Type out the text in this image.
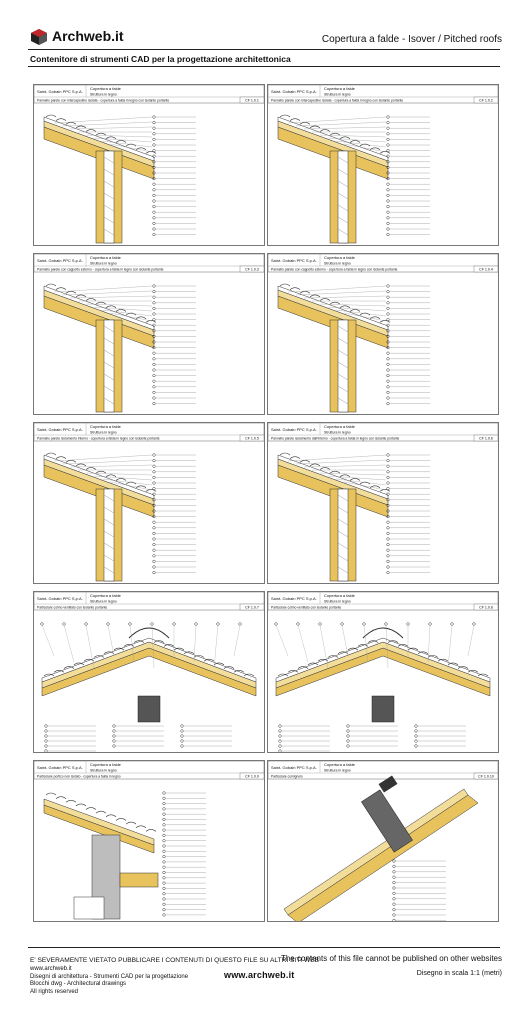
Archweb.it	Copertura a falde - Isover / Pitched roofs
Contenitore di strumenti CAD per la progettazione architettonica
Saint- Gobain PPC S.p.A.
Copertura a falde
Struttura in legno
Pannello parete con intercapedine isolata - copertura a falda in legno con isolante portante	CF 1.0.1
Saint- Gobain PPC S.p.A.
Copertura a falde
Struttura in legno
Pannello parete con intercapedine isolata - copertura a falda in legno con isolante portante	CF 1.0.2
Saint- Gobain PPC S.p.A.
Copertura a falde
Struttura in legno
Pannello parete con cappotto esterno - copertura a falda in legno con isolante portante	CF 1.0.3
Saint- Gobain PPC S.p.A.
Copertura a falde
Struttura in legno
Pannello parete con cappotto esterno - copertura a falda in legno con isolante portante	CF 1.0.4
Saint- Gobain PPC S.p.A.
Copertura a falde
Struttura in legno
Pannello parete isolamento interno - copertura a falda in legno con isolante portante	CF 1.0.5
Saint- Gobain PPC S.p.A.
Copertura a falde
Struttura in legno
Pannello parete isolamento dall'interno - copertura a falda in legno con isolante portante	CF 1.0.6
Saint- Gobain PPC S.p.A.
Copertura a falde
Struttura in legno
Particolare colmo ventilato con isolante portante	CF 1.0.7
Saint- Gobain PPC S.p.A.
Copertura a falde
Struttura in legno
Particolare colmo ventilato con isolante portante	CF 1.0.8
Saint- Gobain PPC S.p.A.
Copertura a falde
Struttura in legno
Particolare portico non isolato - copertura a falda in legno	CF 1.0.9
Saint- Gobain PPC S.p.A.
Copertura a falde
Struttura in legno
Particolare comignolo	CF 1.0.10
E' SEVERAMENTE VIETATO PUBBLICARE I CONTENUTI DI QUESTO FILE SU ALTRI SITI WEB
The contents of this file cannot be published on other websites
www.archweb.it
Disegni di architettura - Strumenti CAD per la progettazione
Blocchi dwg - Architectural drawings
All rights reserved
www.archweb.it	Disegno in scala 1:1 (metri)
